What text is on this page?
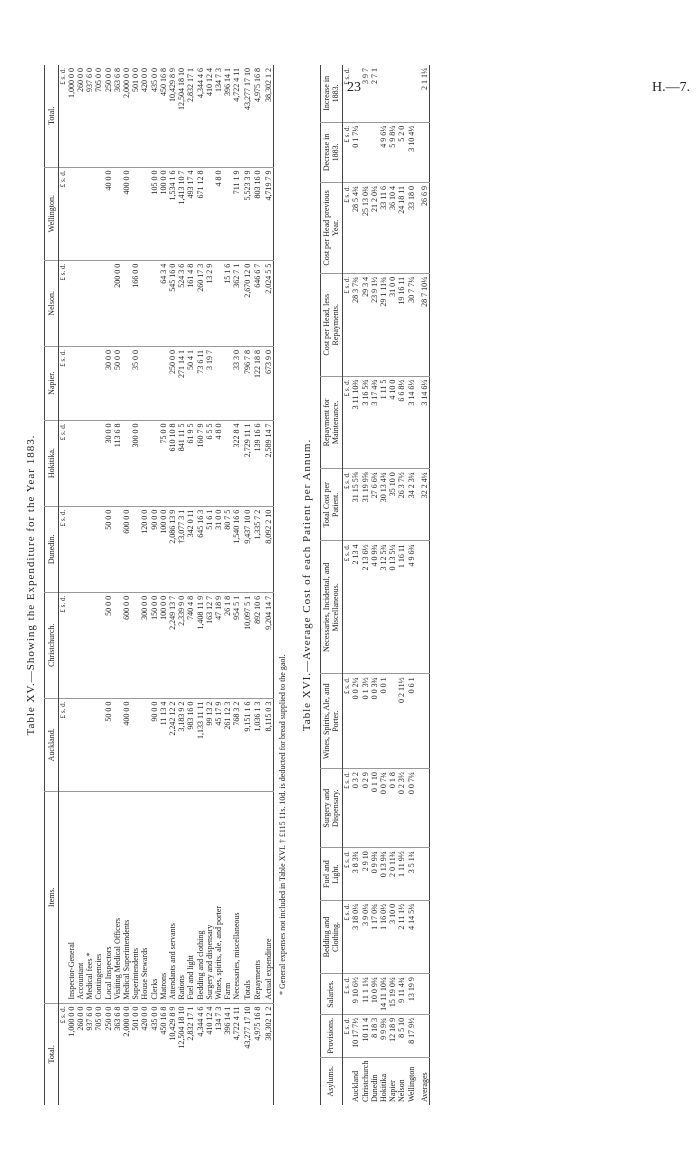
23	H.—7.
Table XV.—Showing the Expenditure for the Year 1883.
Total.	Items.	Auckland.	Christchurch.	Dunedin.	Hokitika.	Napier.	Nelson.	Wellington.	Total.
£ s. d.		£ s. d.	£ s. d.	£ s. d.	£ s. d.	£ s. d.	£ s. d.	£ s. d.	£ s. d.
1,000 0 0	Inspector-General								1,000 0 0
260 0 0	Accountant								260 0 0
937 6 0	Medical fees *								937 6 0
705 0 0	Contingencies								705 0 0
250 0 0	Local Inspectors	50 0 0	50 0 0	50 0 0	30 0 0	30 0 0		40 0 0	250 0 0
363 6 8	Visiting Medical Officers				113 6 8	50 0 0	200 0 0		363 6 8
2,000 0 0	Medical Superintendents	400 0 0	600 0 0	600 0 0				400 0 0	2,000 0 0
501 0 0	Superintendents				300 0 0	35 0 0	166 0 0		501 0 0
420 0 0	House Stewards		300 0 0	120 0 0					420 0 0
435 0 0	Clerks	90 0 0	150 0 0	90 0 0				105 0 0	435 0 0
450 16 8	Matrons	11 13 4	100 0 0	100 0 0	75 0 0		64 3 4	100 0 0	450 16 8
10,429 8 9	Attendants and servants	2,242 12 2	2,249 13 7	2,086 13 9	610 10 8	250 0 0	545 16 0	1,534 1 6	10,429 8 9
12,504 18 10	Rations	3,183 9 2	2,339 9 0	†3,077 3 1	841 11 5	271 14 1	524 3 6	1,413 10 7	12,504 18 10
2,832 17 1	Fuel and light	983 16 0	740 4 8	342 0 11	61 9 5	50 4 1	161 4 8	493 17 4	2,832 17 1
4,344 4 6	Bedding and clothing	1,133 11 11	1,408 11 9	645 16 3	160 7 9	73 6 11	260 17 3	671 12 8	4,344 4 6
410 12 4	Surgery and dispensary	99 13 2	163 12 7	51 6 1	6 5 5	3 19 7	13 2 9		410 12 4
134 7 3	Wines, spirits, ale, and porter	45 17 9	47 18 9	31 0 0	4 8 0			4 8 0	134 7 3
396 14 1	Farm	261 12 3	26 1 8	80 7 5			15 1 6		396 14 1
4,722 4 11	Necessaries, miscellaneous	768 3 2	954 5 1	1,540 16 6	322 8 4	33 3 0	362 7 1	711 1 9	4,722 4 11
43,277 17 10	Totals	9,151 1 6	10,097 5 1	9,437 10 0	2,729 11 1	796 7 8	2,670 12 0	5,523 3 9	43,277 17 10
4,975 16 8	Repayments	1,036 1 3	892 10 6	1,335 7 2	139 16 6	122 18 8	646 6 7	803 16 0	4,975 16 8
38,302 1 2	Actual expenditure	8,115 0 3	9,204 14 7	8,092 2 10	2,589 14 7	673 9 0	2,024 5 5	4,719 7 9	38,302 1 2
* General expenses not included in Table XVI. † £115 11s. 10d. is deducted for bread supplied to the gaol.
Table XVI.—Average Cost of each Patient per Annum.
Asylums.	Provisions.	Salaries.	Bedding and Clothing.	Fuel and Light.	Surgery and Dispensary.	Wines, Spirits, Ale, and Porter.	Necessaries, Incidental, and Miscellaneous.	Total Cost per Patient.	Repayment for Maintenance.	Cost per Head, less Repayments.	Cost per Head previous Year.	Decrease in 1883.	Increase in 1883.
	£ s. d.	£ s. d.	£ s. d.	£ s. d.	£ s. d.	£ s. d.	£ s. d.	£ s. d.	£ s. d.	£ s. d.	£ s. d.	£ s. d.	£ s. d.
Auckland	10 17 7½	9 10 6½	3 18 0¼	3 8 3¾	0 3 2	0 0 2¼	2 13 4	31 15 5⅝	3 11 10¾	28 3 7¾	28 5 4¾	0 1 7¼	
Christchurch	10 11 4	11 1 1¼	3 9 0¼	2 9 10	0 2 9	0 1 3½	2 13 6½	31 19 9⅝	3 16 5¾	29 3 4	25 13 0¾		3 9 7
Dunedin	8 18 3	10 0 9¼	1 17 0¾	0 9 9¾	0 1 10	0 0 3¾	4 0 9¾	27 6 6¼	3 17 4¾	23 9 1½	21 2 0¼		2 7 1
Hokitika	9 9 9¾	14 11 10¼	1 16 0½	0 13 9¾	0 0 7¾	0 0 1	3 12 5¾	30 13 4¾	1 11 5	29 1 11¾	33 11 6	4 9 6¼	
Napier	12 18 9	15 19 0¼	3 10 0	2 0 11¾	0 1 8		0 13 5¼	35 10 0	4 10 0	31 0 0	36 10 4	5 9 8¼	
Nelson	8 5 10	9 11 4¾	2 11 1½	1 11 9½	0 2 3½	0 2 11½	1 16 11	26 3 7½	6 6 8½	19 16 11	24 18 11	5 2 0	
Wellington	8 17 9½	13 19 9	4 14 5¼	3 5 1¾	0 0 7¼	0 6 1	4 9 6¾	34 2 3¼	3 14 6½	30 7 7¼	33 18 0	3 10 4½	
Averages								32 2 4¼	3 14 6¼	28 7 10¼	26 6 9		2 1 1¼
